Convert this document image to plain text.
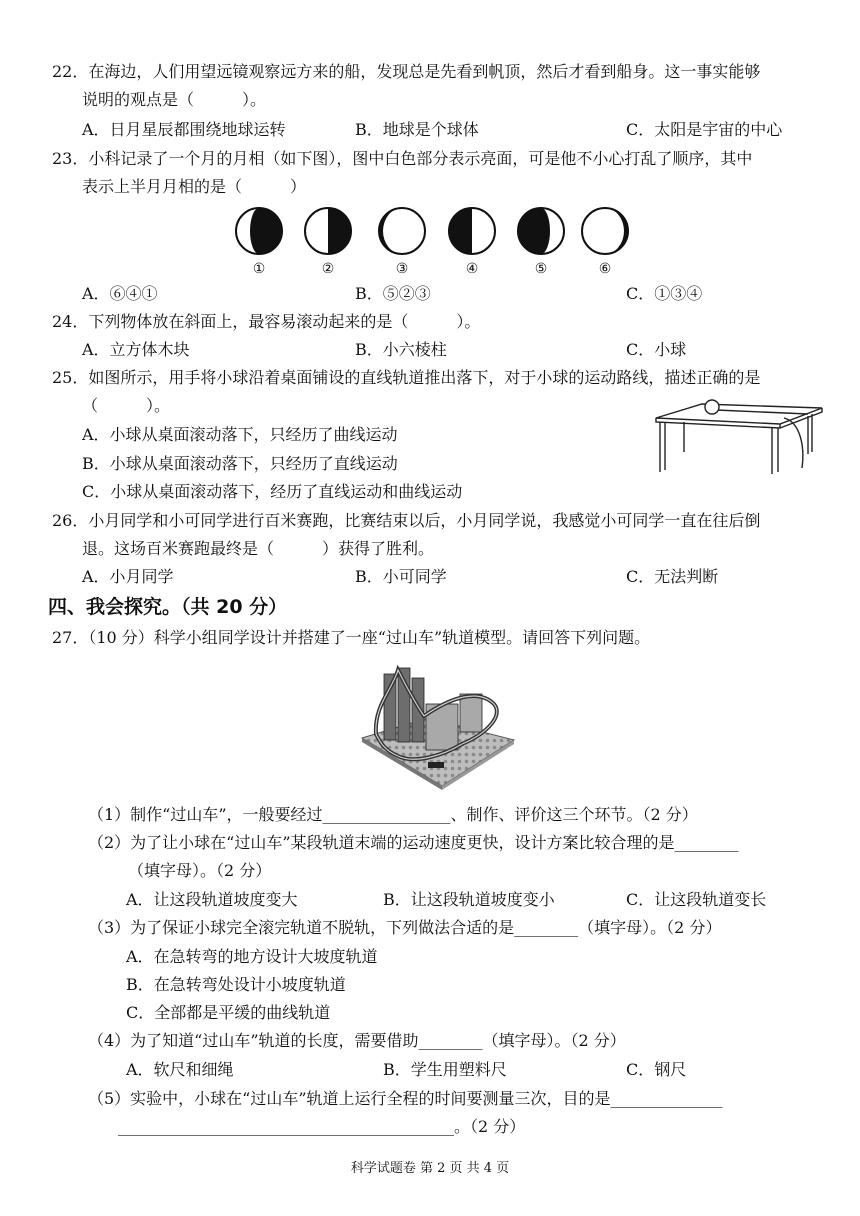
22．在海边，人们用望远镜观察远方来的船，发现总是先看到帆顶，然后才看到船身。这一事实能够
说明的观点是（　　　）。
A．日月星辰都围绕地球运转	B．地球是个球体	C．太阳是宇宙的中心
23．小科记录了一个月的月相（如下图），图中白色部分表示亮面，可是他不小心打乱了顺序，其中
表示上半月月相的是（　　　）
①	②	③	④	⑤	⑥
A．⑥④①	B．⑤②③	C．①③④
24．下列物体放在斜面上，最容易滚动起来的是（　　　）。
A．立方体木块	B．小六棱柱	C．小球
25．如图所示，用手将小球沿着桌面铺设的直线轨道推出落下，对于小球的运动路线，描述正确的是
（　　　）。
A．小球从桌面滚动落下，只经历了曲线运动
B．小球从桌面滚动落下，只经历了直线运动
C．小球从桌面滚动落下，经历了直线运动和曲线运动
26．小月同学和小可同学进行百米赛跑，比赛结束以后，小月同学说，我感觉小可同学一直在往后倒
退。这场百米赛跑最终是（　　　）获得了胜利。
A．小月同学	B．小可同学	C．无法判断
四、我会探究。（共 20 分）
27．（10 分）科学小组同学设计并搭建了一座“过山车”轨道模型。请回答下列问题。
（1）制作“过山车”，一般要经过________________、制作、评价这三个环节。（2 分）
（2）为了让小球在“过山车”某段轨道末端的运动速度更快，设计方案比较合理的是________
（填字母）。（2 分）
A．让这段轨道坡度变大	B．让这段轨道坡度变小	C．让这段轨道变长
（3）为了保证小球完全滚完轨道不脱轨，下列做法合适的是________（填字母）。（2 分）
A．在急转弯的地方设计大坡度轨道
B．在急转弯处设计小坡度轨道
C．全部都是平缓的曲线轨道
（4）为了知道“过山车”轨道的长度，需要借助________（填字母）。（2 分）
A．软尺和细绳	B．学生用塑料尺	C．钢尺
（5）实验中，小球在“过山车”轨道上运行全程的时间要测量三次，目的是______________
__________________________________________。（2 分）
科学试题卷 第 2 页 共 4 页
